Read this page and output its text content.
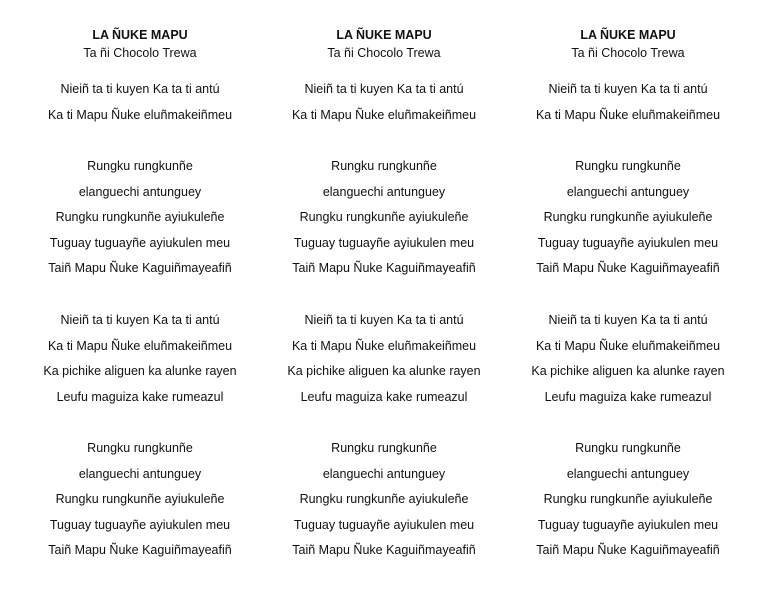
LA ÑUKE MAPU
Ta ñi Chocolo Trewa
Nieiñ ta ti kuyen Ka ta ti antú
Ka ti Mapu Ñuke eluñmakeiñmeu
Rungku rungkunñe
elanguechi antunguey
Rungku rungkunñe ayiukuleñe
Tuguay tuguayñe ayiukulen meu
Taiñ Mapu Ñuke Kaguiñmayeafiñ
Nieiñ ta ti kuyen Ka ta ti antú
Ka ti Mapu Ñuke eluñmakeiñmeu
Ka pichike aliguen ka alunke rayen
Leufu maguiza kake rumeazul
Rungku rungkunñe
elanguechi antunguey
Rungku rungkunñe ayiukuleñe
Tuguay tuguayñe ayiukulen meu
Taiñ Mapu Ñuke Kaguiñmayeafiñ
LA ÑUKE MAPU
Ta ñi Chocolo Trewa
Nieiñ ta ti kuyen Ka ta ti antú
Ka ti Mapu Ñuke eluñmakeiñmeu
Rungku rungkunñe
elanguechi antunguey
Rungku rungkunñe ayiukuleñe
Tuguay tuguayñe ayiukulen meu
Taiñ Mapu Ñuke Kaguiñmayeafiñ
Nieiñ ta ti kuyen Ka ta ti antú
Ka ti Mapu Ñuke eluñmakeiñmeu
Ka pichike aliguen ka alunke rayen
Leufu maguiza kake rumeazul
Rungku rungkunñe
elanguechi antunguey
Rungku rungkunñe ayiukuleñe
Tuguay tuguayñe ayiukulen meu
Taiñ Mapu Ñuke Kaguiñmayeafiñ
LA ÑUKE MAPU
Ta ñi Chocolo Trewa
Nieiñ ta ti kuyen Ka ta ti antú
Ka ti Mapu Ñuke eluñmakeiñmeu
Rungku rungkunñe
elanguechi antunguey
Rungku rungkunñe ayiukuleñe
Tuguay tuguayñe ayiukulen meu
Taiñ Mapu Ñuke Kaguiñmayeafiñ
Nieiñ ta ti kuyen Ka ta ti antú
Ka ti Mapu Ñuke eluñmakeiñmeu
Ka pichike aliguen ka alunke rayen
Leufu maguiza kake rumeazul
Rungku rungkunñe
elanguechi antunguey
Rungku rungkunñe ayiukuleñe
Tuguay tuguayñe ayiukulen meu
Taiñ Mapu Ñuke Kaguiñmayeafiñ
